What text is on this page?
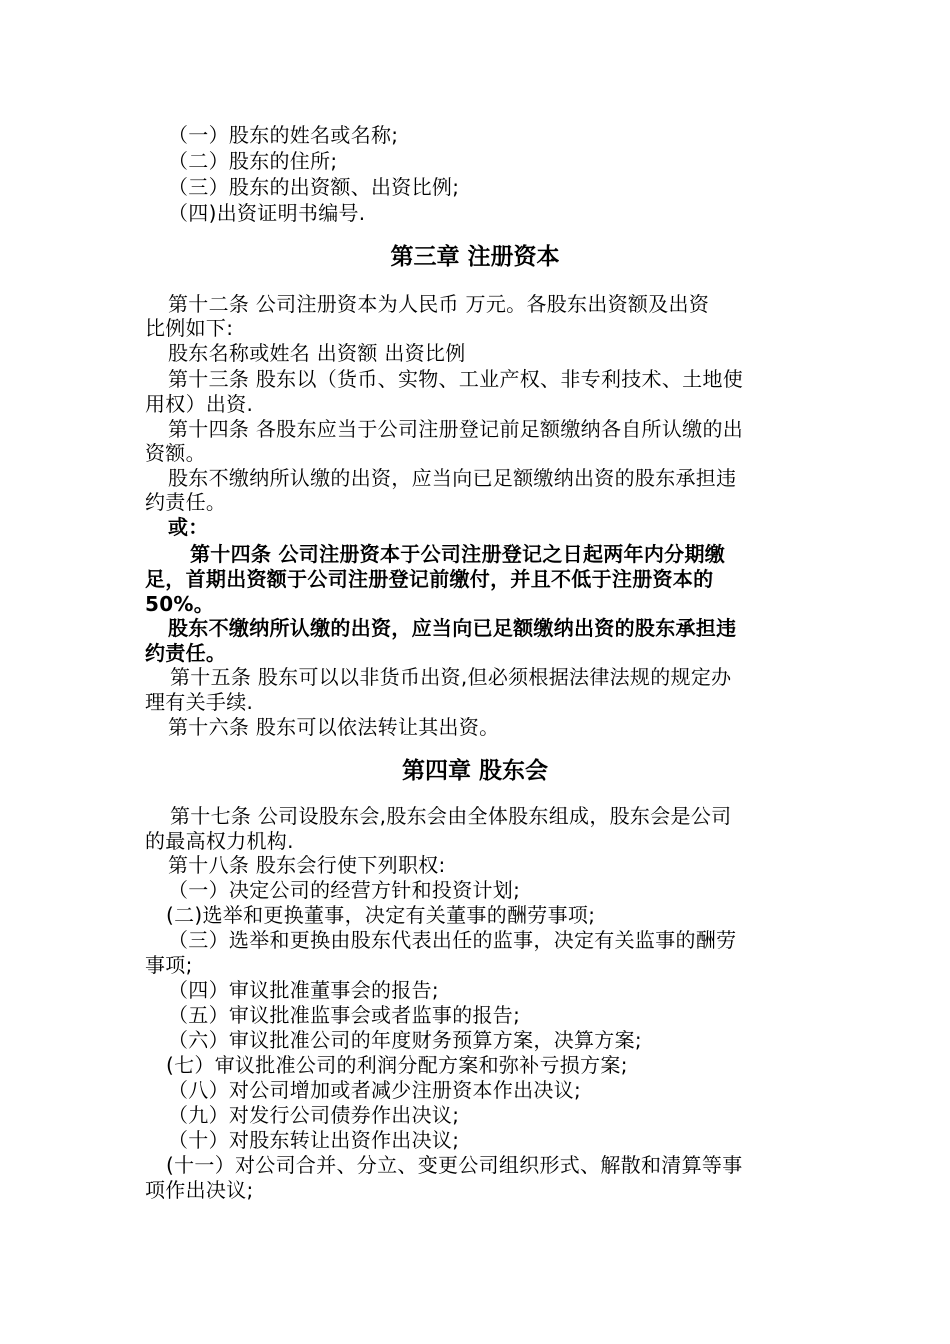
（一）股东的姓名或名称;
（二）股东的住所;
（三）股东的出资额、出资比例;
（四)出资证明书编号.
第三章 注册资本
第十二条 公司注册资本为人民币 万元。各股东出资额及出资
比例如下:
股东名称或姓名 出资额 出资比例
第十三条 股东以（货币、实物、工业产权、非专利技术、土地使
用权）出资.
第十四条 各股东应当于公司注册登记前足额缴纳各自所认缴的出
资额。
股东不缴纳所认缴的出资，应当向已足额缴纳出资的股东承担违
约责任。
或：
第十四条 公司注册资本于公司注册登记之日起两年内分期缴
足，首期出资额于公司注册登记前缴付，并且不低于注册资本的
50%。
股东不缴纳所认缴的出资，应当向已足额缴纳出资的股东承担违
约责任。
第十五条 股东可以以非货币出资,但必须根据法律法规的规定办
理有关手续.
第十六条 股东可以依法转让其出资。
第四章 股东会
第十七条 公司设股东会,股东会由全体股东组成，股东会是公司
的最高权力机构.
第十八条 股东会行使下列职权:
（一）决定公司的经营方针和投资计划;
(二)选举和更换董事，决定有关董事的酬劳事项;
（三）选举和更换由股东代表出任的监事，决定有关监事的酬劳
事项;
（四）审议批准董事会的报告;
（五）审议批准监事会或者监事的报告;
（六）审议批准公司的年度财务预算方案，决算方案;
(七）审议批准公司的利润分配方案和弥补亏损方案;
（八）对公司增加或者减少注册资本作出决议;
（九）对发行公司债券作出决议;
（十）对股东转让出资作出决议;
(十一）对公司合并、分立、变更公司组织形式、解散和清算等事
项作出决议;
